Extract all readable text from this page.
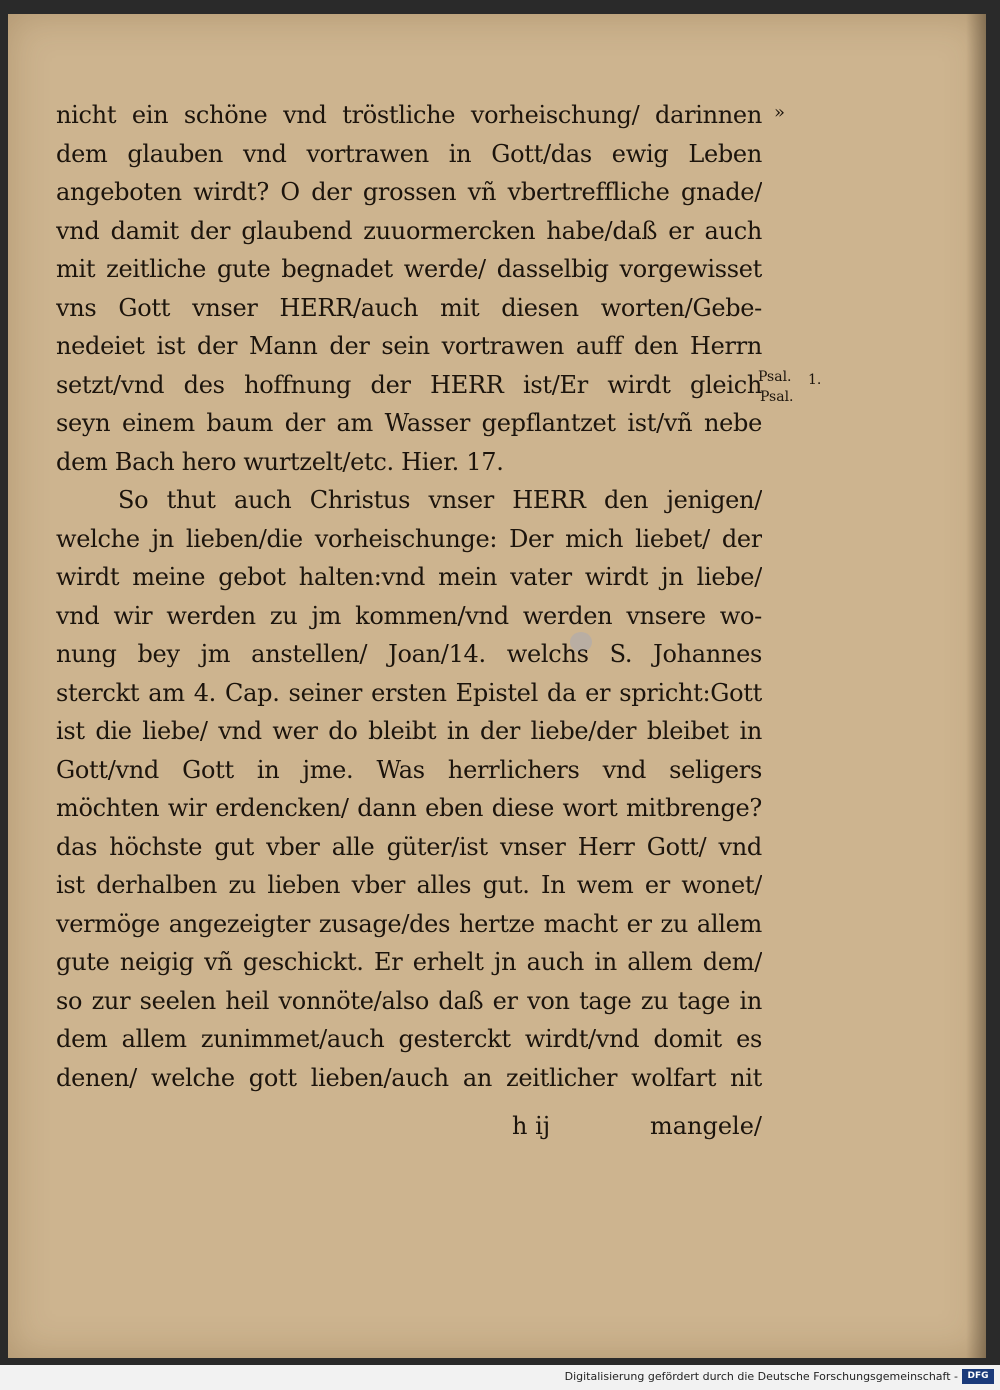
nicht ein schöne vnd tröstliche vorheischung/ darinnen
dem glauben vnd vortrawen in Gott/das ewig Leben
angeboten wirdt? O der grossen vñ vbertreffliche gnade/
vnd damit der glaubend zuuormercken habe/daß er auch
mit zeitliche gute begnadet werde/ dasselbig vorgewisset
vns Gott vnser HERR/auch mit diesen worten/Gebe-
nedeiet ist der Mann der sein vortrawen auff den Herrn
setzt/vnd des hoffnung der HERR ist/Er wirdt gleich
seyn einem baum der am Wasser gepflantzet ist/vñ nebe
dem Bach hero wurtzelt/etc. Hier. 17.
So thut auch Christus vnser HERR den jenigen/
welche jn lieben/die vorheischunge: Der mich liebet/ der
wirdt meine gebot halten:vnd mein vater wirdt jn liebe/
vnd wir werden zu jm kommen/vnd werden vnsere wo-
nung bey jm anstellen/ Joan/14. welchs S. Johannes
sterckt am 4. Cap. seiner ersten Epistel da er spricht:Gott
ist die liebe/ vnd wer do bleibt in der liebe/der bleibet in
Gott/vnd Gott in jme. Was herrlichers vnd seligers
möchten wir erdencken/ dann eben diese wort mitbrenge?
das höchste gut vber alle güter/ist vnser Herr Gott/ vnd
ist derhalben zu lieben vber alles gut. In wem er wonet/
vermöge angezeigter zusage/des hertze macht er zu allem
gute neigig vñ geschickt. Er erhelt jn auch in allem dem/
so zur seelen heil vonnöte/also daß er von tage zu tage in
dem allem zunimmet/auch gesterckt wirdt/vnd domit es
denen/ welche gott lieben/auch an zeitlicher wolfart nit
h ij	mangele/
»
Psal. 1.
Psal.
Digitalisierung gefördert durch die Deutsche Forschungsgemeinschaft -	DFG
